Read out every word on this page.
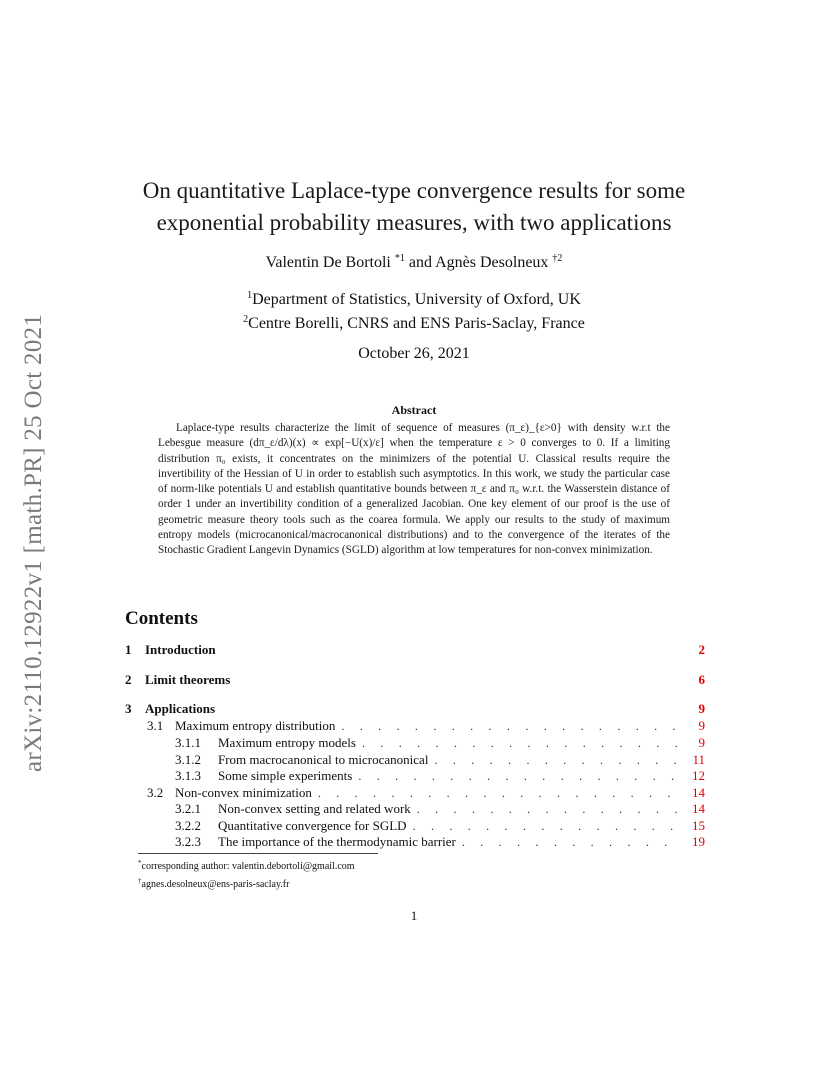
arXiv:2110.12922v1 [math.PR] 25 Oct 2021
On quantitative Laplace-type convergence results for some
exponential probability measures, with two applications
Valentin De Bortoli $^{*1}$ and Agnès Desolneux $^{\dagger 2}$
$^1$Department of Statistics, University of Oxford, UK
$^2$Centre Borelli, CNRS and ENS Paris-Saclay, France
October 26, 2021
Abstract
Laplace-type results characterize the limit of sequence of measures (π_ε)_{ε>0} with density w.r.t the Lebesgue measure (dπ_ε/dλ)(x) ∝ exp[−U(x)/ε] when the temperature ε > 0 converges to 0. If a limiting distribution π₀ exists, it concentrates on the minimizers of the potential U. Classical results require the invertibility of the Hessian of U in order to establish such asymptotics. In this work, we study the particular case of norm-like potentials U and establish quantitative bounds between π_ε and π₀ w.r.t. the Wasserstein distance of order 1 under an invertibility condition of a generalized Jacobian. One key element of our proof is the use of geometric measure theory tools such as the coarea formula. We apply our results to the study of maximum entropy models (microcanonical/macrocanonical distributions) and to the convergence of the iterates of the Stochastic Gradient Langevin Dynamics (SGLD) algorithm at low temperatures for non-convex minimization.
Contents
1	Introduction	2
2	Limit theorems	6
3	Applications	9
3.1 Maximum entropy distribution . . .	9
3.1.1	Maximum entropy models . . .	9
3.1.2	From macrocanonical to microcanonical . . .	11
3.1.3	Some simple experiments . . .	12
3.2 Non-convex minimization . . .	14
3.2.1	Non-convex setting and related work . . .	14
3.2.2	Quantitative convergence for SGLD . . .	15
3.2.3	The importance of the thermodynamic barrier . . .	19
*corresponding author: valentin.debortoli@gmail.com
†agnes.desolneux@ens-paris-saclay.fr
1
